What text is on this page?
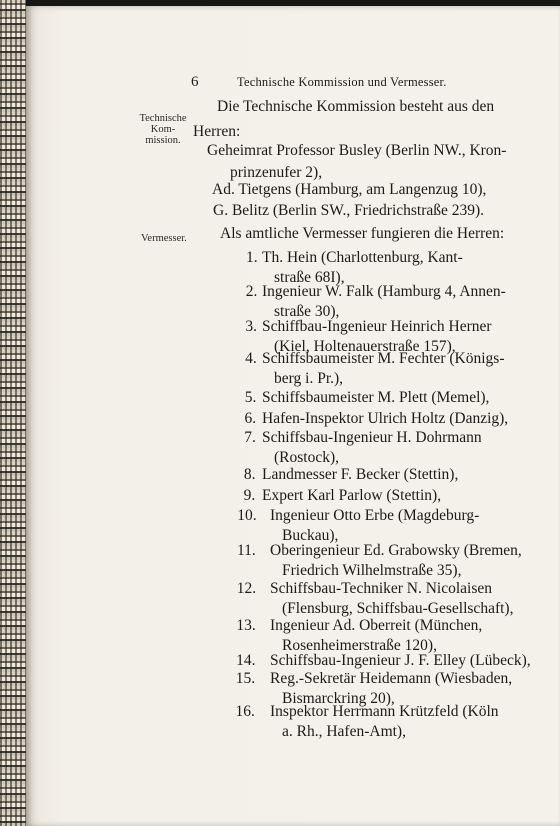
6	Technische Kommission und Vermesser.
Technische
Kom-
mission.
Vermesser.
Die Technische Kommission besteht aus den
Herren:
Geheimrat Professor Busley (Berlin NW., Kron-
prinzenufer 2),
Ad. Tietgens (Hamburg, am Langenzug 10),
G. Belitz (Berlin SW., Friedrichstraße 239).
Als amtliche Vermesser fungieren die Herren:
1. Th. Hein (Charlottenburg, Kant-
straße 68I),
2. Ingenieur W. Falk (Hamburg 4, Annen-
straße 30),
3. Schiffbau-Ingenieur Heinrich Herner
(Kiel, Holtenauerstraße 157),
4. Schiffsbaumeister M. Fechter (Königs-
berg i. Pr.),
5. Schiffsbaumeister M. Plett (Memel),
6. Hafen-Inspektor Ulrich Holtz (Danzig),
7. Schiffsbau-Ingenieur H. Dohrmann
(Rostock),
8. Landmesser F. Becker (Stettin),
9. Expert Karl Parlow (Stettin),
10. Ingenieur Otto Erbe (Magdeburg-
Buckau),
11. Oberingenieur Ed. Grabowsky (Bremen,
Friedrich Wilhelmstraße 35),
12. Schiffsbau-Techniker N. Nicolaisen
(Flensburg, Schiffsbau-Gesellschaft),
13. Ingenieur Ad. Oberreit (München,
Rosenheimerstraße 120),
14. Schiffsbau-Ingenieur J. F. Elley (Lübeck),
15. Reg.-Sekretär Heidemann (Wiesbaden,
Bismarckring 20),
16. Inspektor Herrmann Krützfeld (Köln
a. Rh., Hafen-Amt),
